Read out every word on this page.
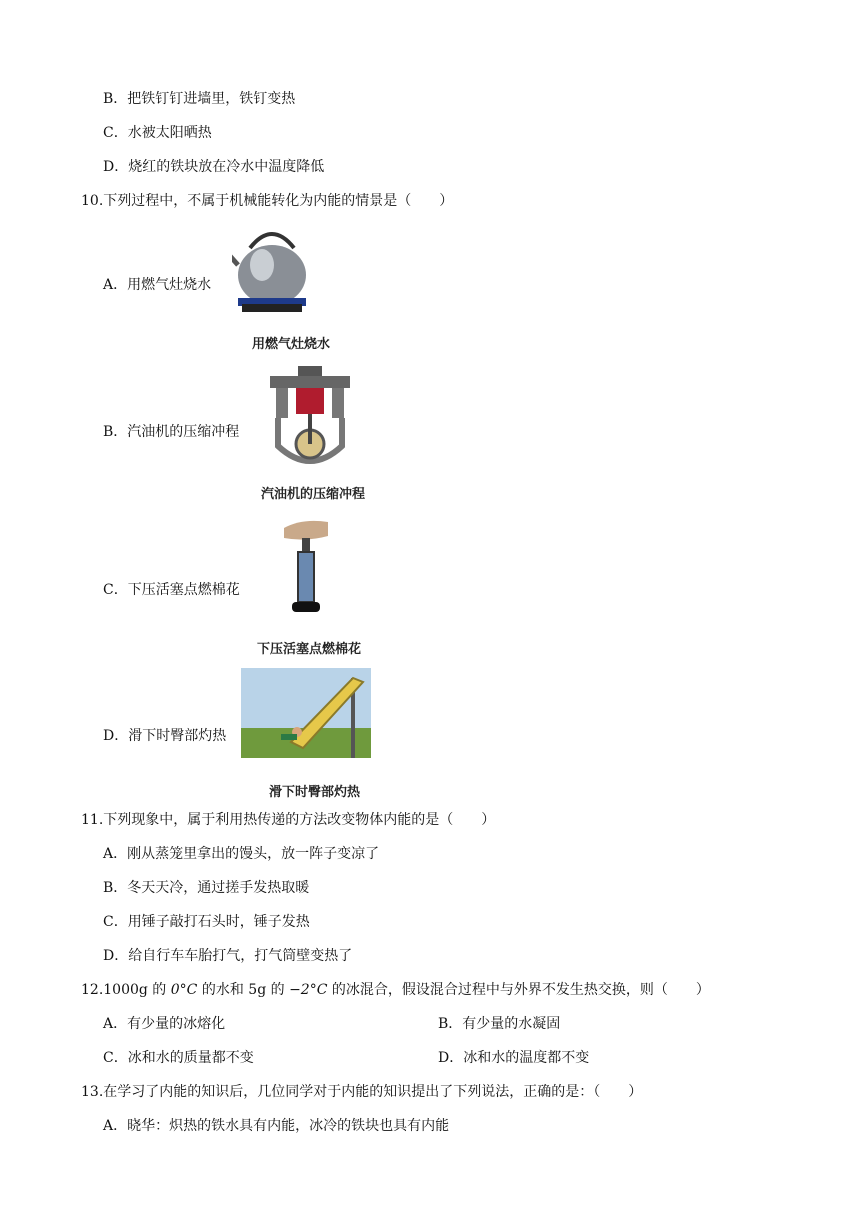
B．把铁钉钉进墙里，铁钉变热
C．水被太阳晒热
D．烧红的铁块放在冷水中温度降低
10.下列过程中，不属于机械能转化为内能的情景是（　　）
A．用燃气灶烧水
用燃气灶烧水
B．汽油机的压缩冲程
汽油机的压缩冲程
C．下压活塞点燃棉花
下压活塞点燃棉花
D．滑下时臀部灼热
滑下时臀部灼热
11.下列现象中，属于利用热传递的方法改变物体内能的是（　　）
A．刚从蒸笼里拿出的馒头，放一阵子变凉了
B．冬天天冷，通过搓手发热取暖
C．用锤子敲打石头时，锤子发热
D．给自行车车胎打气，打气筒壁变热了
12.1000g 的 0°C 的水和 5g 的 −2°C 的冰混合，假设混合过程中与外界不发生热交换，则（　　）
A．有少量的冰熔化	B．有少量的水凝固
C．冰和水的质量都不变	D．冰和水的温度都不变
13.在学习了内能的知识后，几位同学对于内能的知识提出了下列说法，正确的是：（　　）
A．晓华：炽热的铁水具有内能，冰冷的铁块也具有内能
